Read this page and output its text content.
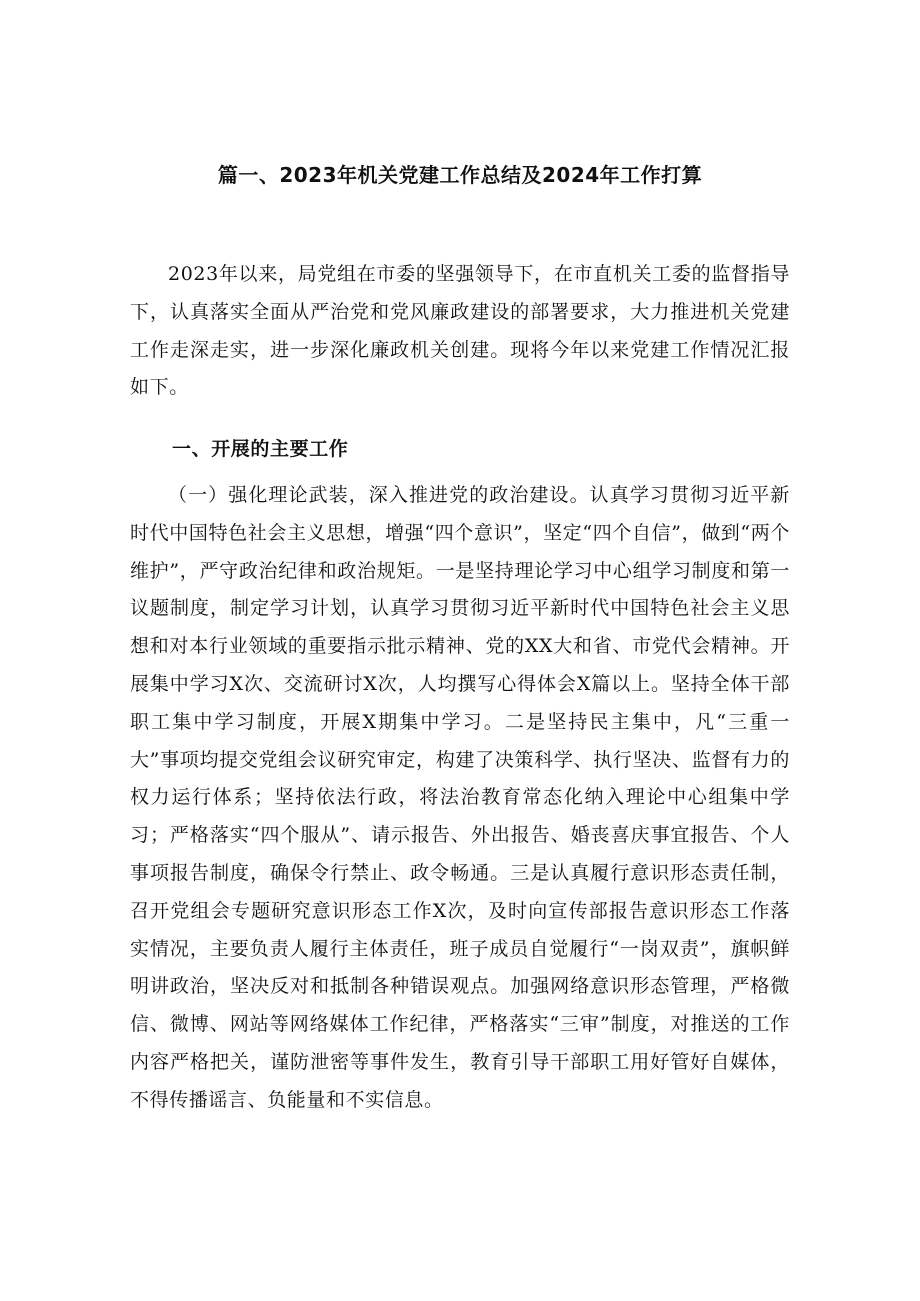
篇一、2023年机关党建工作总结及2024年工作打算

2023年以来，局党组在市委的坚强领导下，在市直机关工委的监督指导下，认真落实全面从严治党和党风廉政建设的部署要求，大力推进机关党建工作走深走实，进一步深化廉政机关创建。现将今年以来党建工作情况汇报如下。

一、开展的主要工作

（一）强化理论武装，深入推进党的政治建设。认真学习贯彻习近平新时代中国特色社会主义思想，增强“四个意识”，坚定“四个自信”，做到“两个维护”，严守政治纪律和政治规矩。一是坚持理论学习中心组学习制度和第一议题制度，制定学习计划，认真学习贯彻习近平新时代中国特色社会主义思想和对本行业领域的重要指示批示精神、党的XX大和省、市党代会精神。开展集中学习X次、交流研讨X次，人均撰写心得体会X篇以上。坚持全体干部职工集中学习制度，开展X期集中学习。二是坚持民主集中，凡“三重一大”事项均提交党组会议研究审定，构建了决策科学、执行坚决、监督有力的权力运行体系；坚持依法行政，将法治教育常态化纳入理论中心组集中学习；严格落实“四个服从”、请示报告、外出报告、婚丧喜庆事宜报告、个人事项报告制度，确保令行禁止、政令畅通。三是认真履行意识形态责任制，召开党组会专题研究意识形态工作X次，及时向宣传部报告意识形态工作落实情况，主要负责人履行主体责任，班子成员自觉履行“一岗双责”，旗帜鲜明讲政治，坚决反对和抵制各种错误观点。加强网络意识形态管理，严格微信、微博、网站等网络媒体工作纪律，严格落实“三审”制度，对推送的工作内容严格把关，谨防泄密等事件发生，教育引导干部职工用好管好自媒体，不得传播谣言、负能量和不实信息。
